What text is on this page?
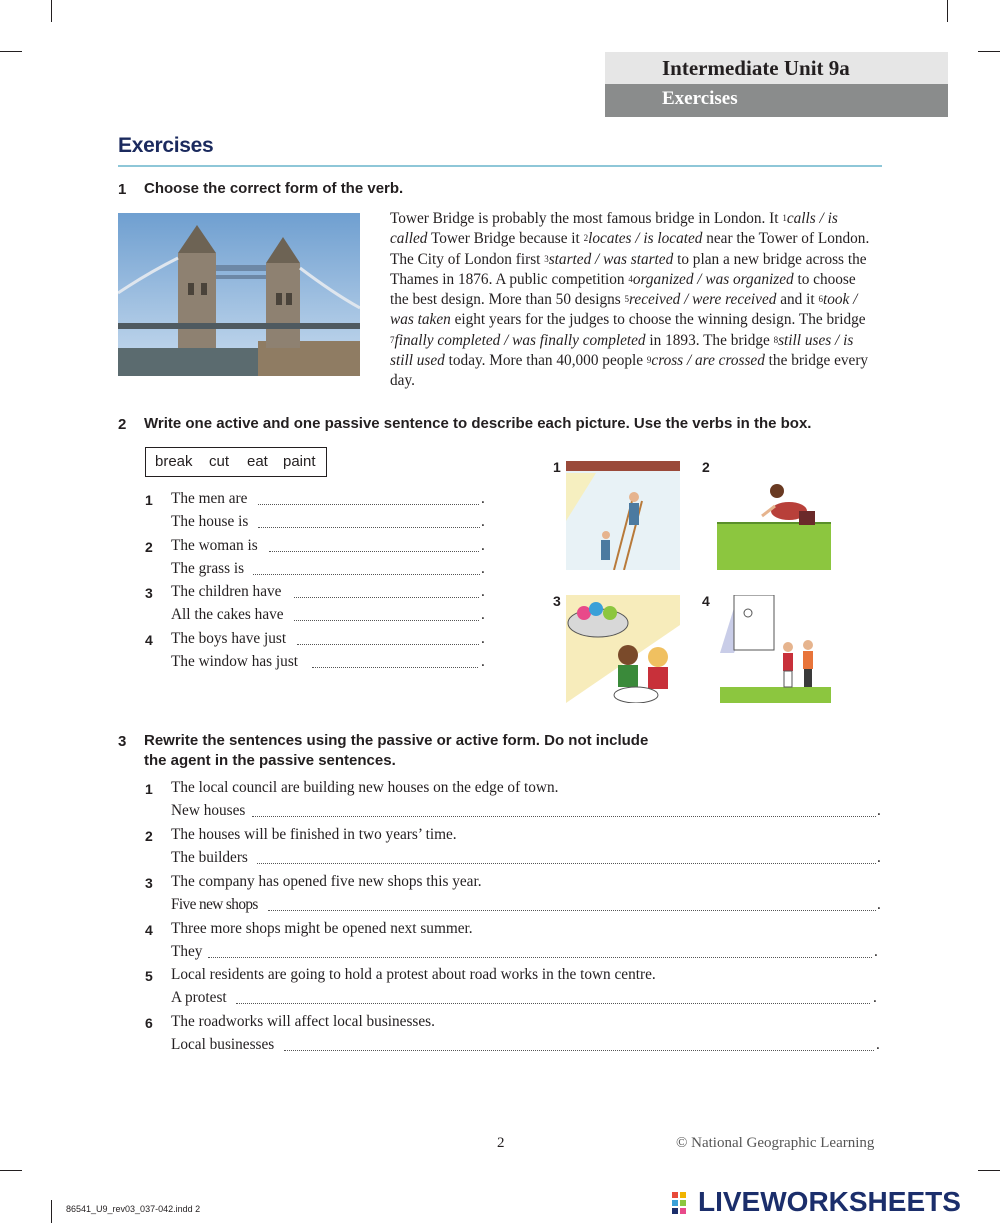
Intermediate Unit 9a
Exercises
Exercises
1 Choose the correct form of the verb.
Tower Bridge is probably the most famous bridge in London. It $^1$calls / is called Tower Bridge because it $^2$locates / is located near the Tower of London. The City of London first $^3$started / was started to plan a new bridge across the Thames in 1876. A public competition $^4$organized / was organized to choose the best design. More than 50 designs $^5$received / were received and it $^6$took / was taken eight years for the judges to choose the winning design. The bridge $^7$finally completed / was finally completed in 1893. The bridge $^8$still uses / is still used today. More than 40,000 people $^9$cross / are crossed the bridge every day.
2 Write one active and one passive sentence to describe each picture. Use the verbs in the box.
break cut eat paint
1 The men are	.
The house is	.
2 The woman is	.
The grass is	.
3 The children have	.
All the cakes have	.
4 The boys have just	.
The window has just	.
1	2
3	4
3 Rewrite the sentences using the passive or active form. Do not include
the agent in the passive sentences.
1 The local council are building new houses on the edge of town.
New houses	.
2 The houses will be finished in two years’ time.
The builders	.
3 The company has opened five new shops this year.
Five new shops	.
4 Three more shops might be opened next summer.
They	.
5 Local residents are going to hold a protest about road works in the town centre.
A protest	.
6 The roadworks will affect local businesses.
Local businesses	.
2	© National Geographic Learning
86541_U9_rev03_037-042.indd 2	LIVEWORKSHEETS
